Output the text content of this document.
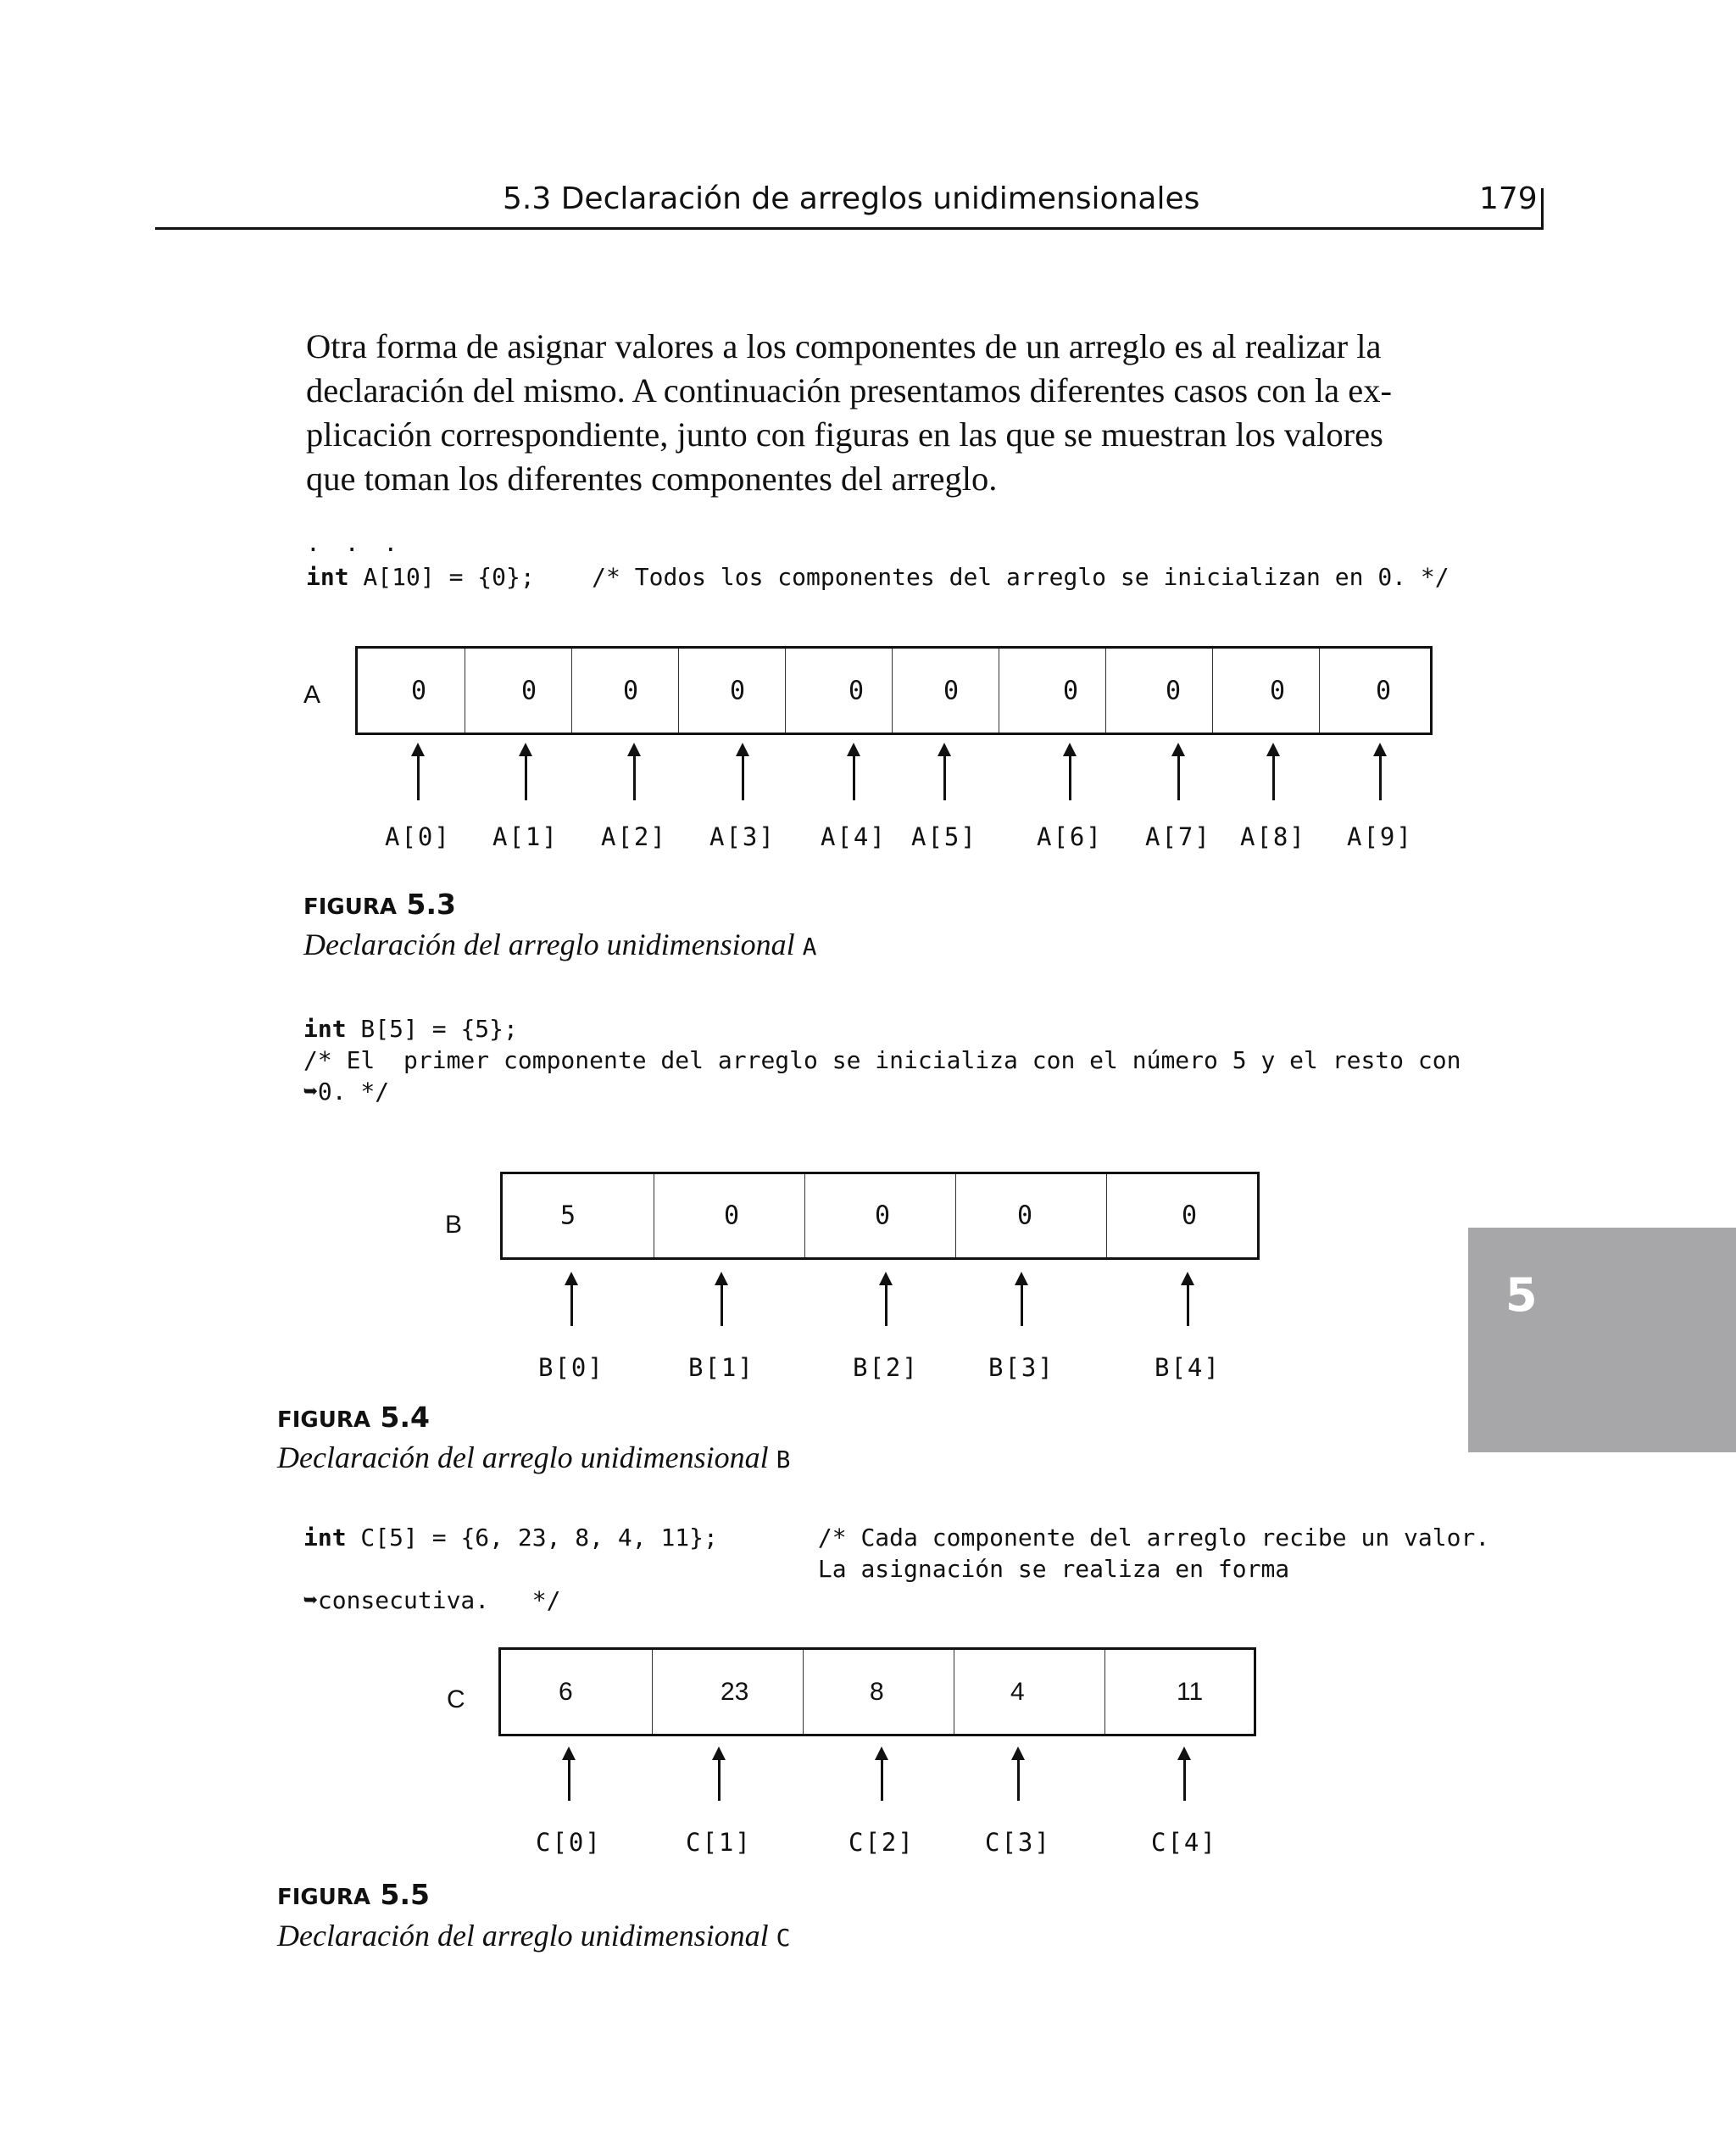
5.3 Declaración de arreglos unidimensionales	179
Otra forma de asignar valores a los componentes de un arreglo es al realizar la
declaración del mismo. A continuación presentamos diferentes casos con la ex-
plicación correspondiente, junto con figuras en las que se muestran los valores
que toman los diferentes componentes del arreglo.
. . .
int A[10] = {0};    /* Todos los componentes del arreglo se inicializan en 0. */
A	0	0	0	0	0	0	0	0	0	0
A[0] A[1] A[2] A[3] A[4] A[5] A[6] A[7] A[8] A[9]
FIGURA 5.3
Declaración del arreglo unidimensional A
int B[5] = {5};
/* El  primer componente del arreglo se inicializa con el número 5 y el resto con
➥0. */
B	5	0	0	0	0
B[0]	B[1]	B[2]	B[3]	B[4]
FIGURA 5.4
Declaración del arreglo unidimensional B
int C[5] = {6, 23, 8, 4, 11};       /* Cada componente del arreglo recibe un valor.
La asignación se realiza en forma
➥consecutiva.   */
C	6	23	8	4	11
C[0]	C[1]	C[2]	C[3]	C[4]
FIGURA 5.5
Declaración del arreglo unidimensional C
5
